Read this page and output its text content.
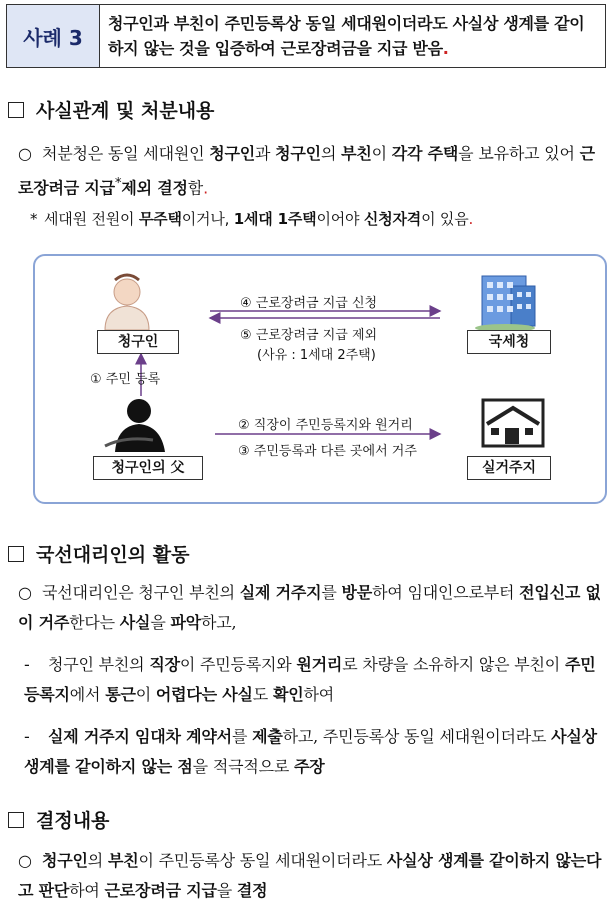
사례 3
청구인과 부친이 주민등록상 동일 세대원이더라도 사실상 생계를 같이하지 않는 것을 입증하여 근로장려금을 지급 받음.
사실관계 및 처분내용
○ 처분청은 동일 세대원인 청구인과 청구인의 부친이 각각 주택을 보유하고 있어 근로장려금 지급*제외 결정함.
* 세대원 전원이 무주택이거나, 1세대 1주택이어야 신청자격이 있음.
청구인	국세청
청구인의 父	실거주지
④ 근로장려금 지급 신청
⑤ 근로장려금 지급 제외
(사유 : 1세대 2주택)
① 주민 등록
② 직장이 주민등록지와 원거리
③ 주민등록과 다른 곳에서 거주
국선대리인의 활동
○ 국선대리인은 청구인 부친의 실제 거주지를 방문하여 임대인으로부터 전입신고 없이 거주한다는 사실을 파악하고,
- 청구인 부친의 직장이 주민등록지와 원거리로 차량을 소유하지 않은 부친이 주민등록지에서 통근이 어렵다는 사실도 확인하여
- 실제 거주지 임대차 계약서를 제출하고, 주민등록상 동일 세대원이더라도 사실상 생계를 같이하지 않는 점을 적극적으로 주장
결정내용
○ 청구인의 부친이 주민등록상 동일 세대원이더라도 사실상 생계를 같이하지 않는다고 판단하여 근로장려금 지급을 결정
